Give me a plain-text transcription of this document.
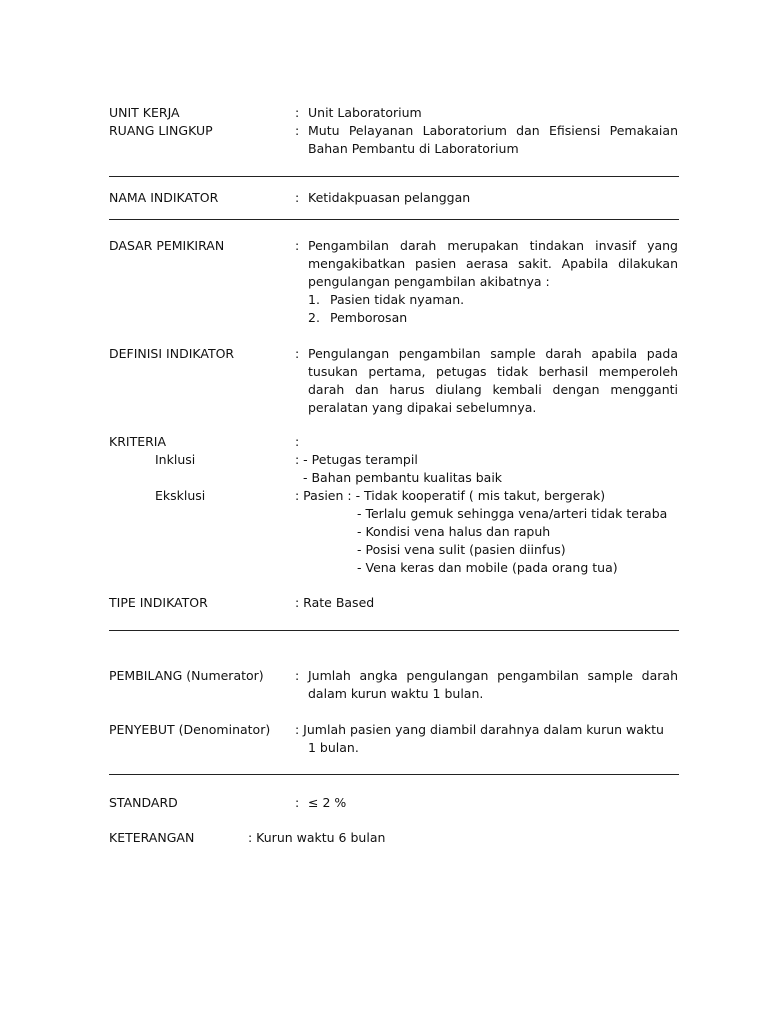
UNIT KERJA	: Unit Laboratorium
RUANG LINGKUP	: Mutu Pelayanan Laboratorium dan Efisiensi Pemakaian Bahan Pembantu di Laboratorium
NAMA INDIKATOR	: Ketidakpuasan pelanggan
DASAR PEMIKIRAN	: Pengambilan darah merupakan tindakan invasif yang mengakibatkan pasien aerasa sakit. Apabila dilakukan pengulangan pengambilan akibatnya :
1. Pasien tidak nyaman.
2. Pemborosan
DEFINISI INDIKATOR	: Pengulangan pengambilan sample darah apabila pada tusukan pertama, petugas tidak berhasil memperoleh darah dan harus diulang kembali dengan mengganti peralatan yang dipakai sebelumnya.
KRITERIA	:
Inklusi	: - Petugas terampil
- Bahan pembantu kualitas baik
Eksklusi	: Pasien : - Tidak kooperatif ( mis takut, bergerak)
- Terlalu gemuk sehingga vena/arteri tidak teraba
- Kondisi vena halus dan rapuh
- Posisi vena sulit (pasien diinfus)
- Vena keras dan mobile (pada orang tua)
TIPE INDIKATOR	: Rate Based
PEMBILANG (Numerator)	: Jumlah angka pengulangan pengambilan sample darah dalam kurun waktu 1 bulan.
PENYEBUT (Denominator) : Jumlah pasien yang diambil darahnya dalam kurun waktu
1 bulan.
STANDARD	: ≤ 2 %
KETERANGAN	: Kurun waktu 6 bulan
